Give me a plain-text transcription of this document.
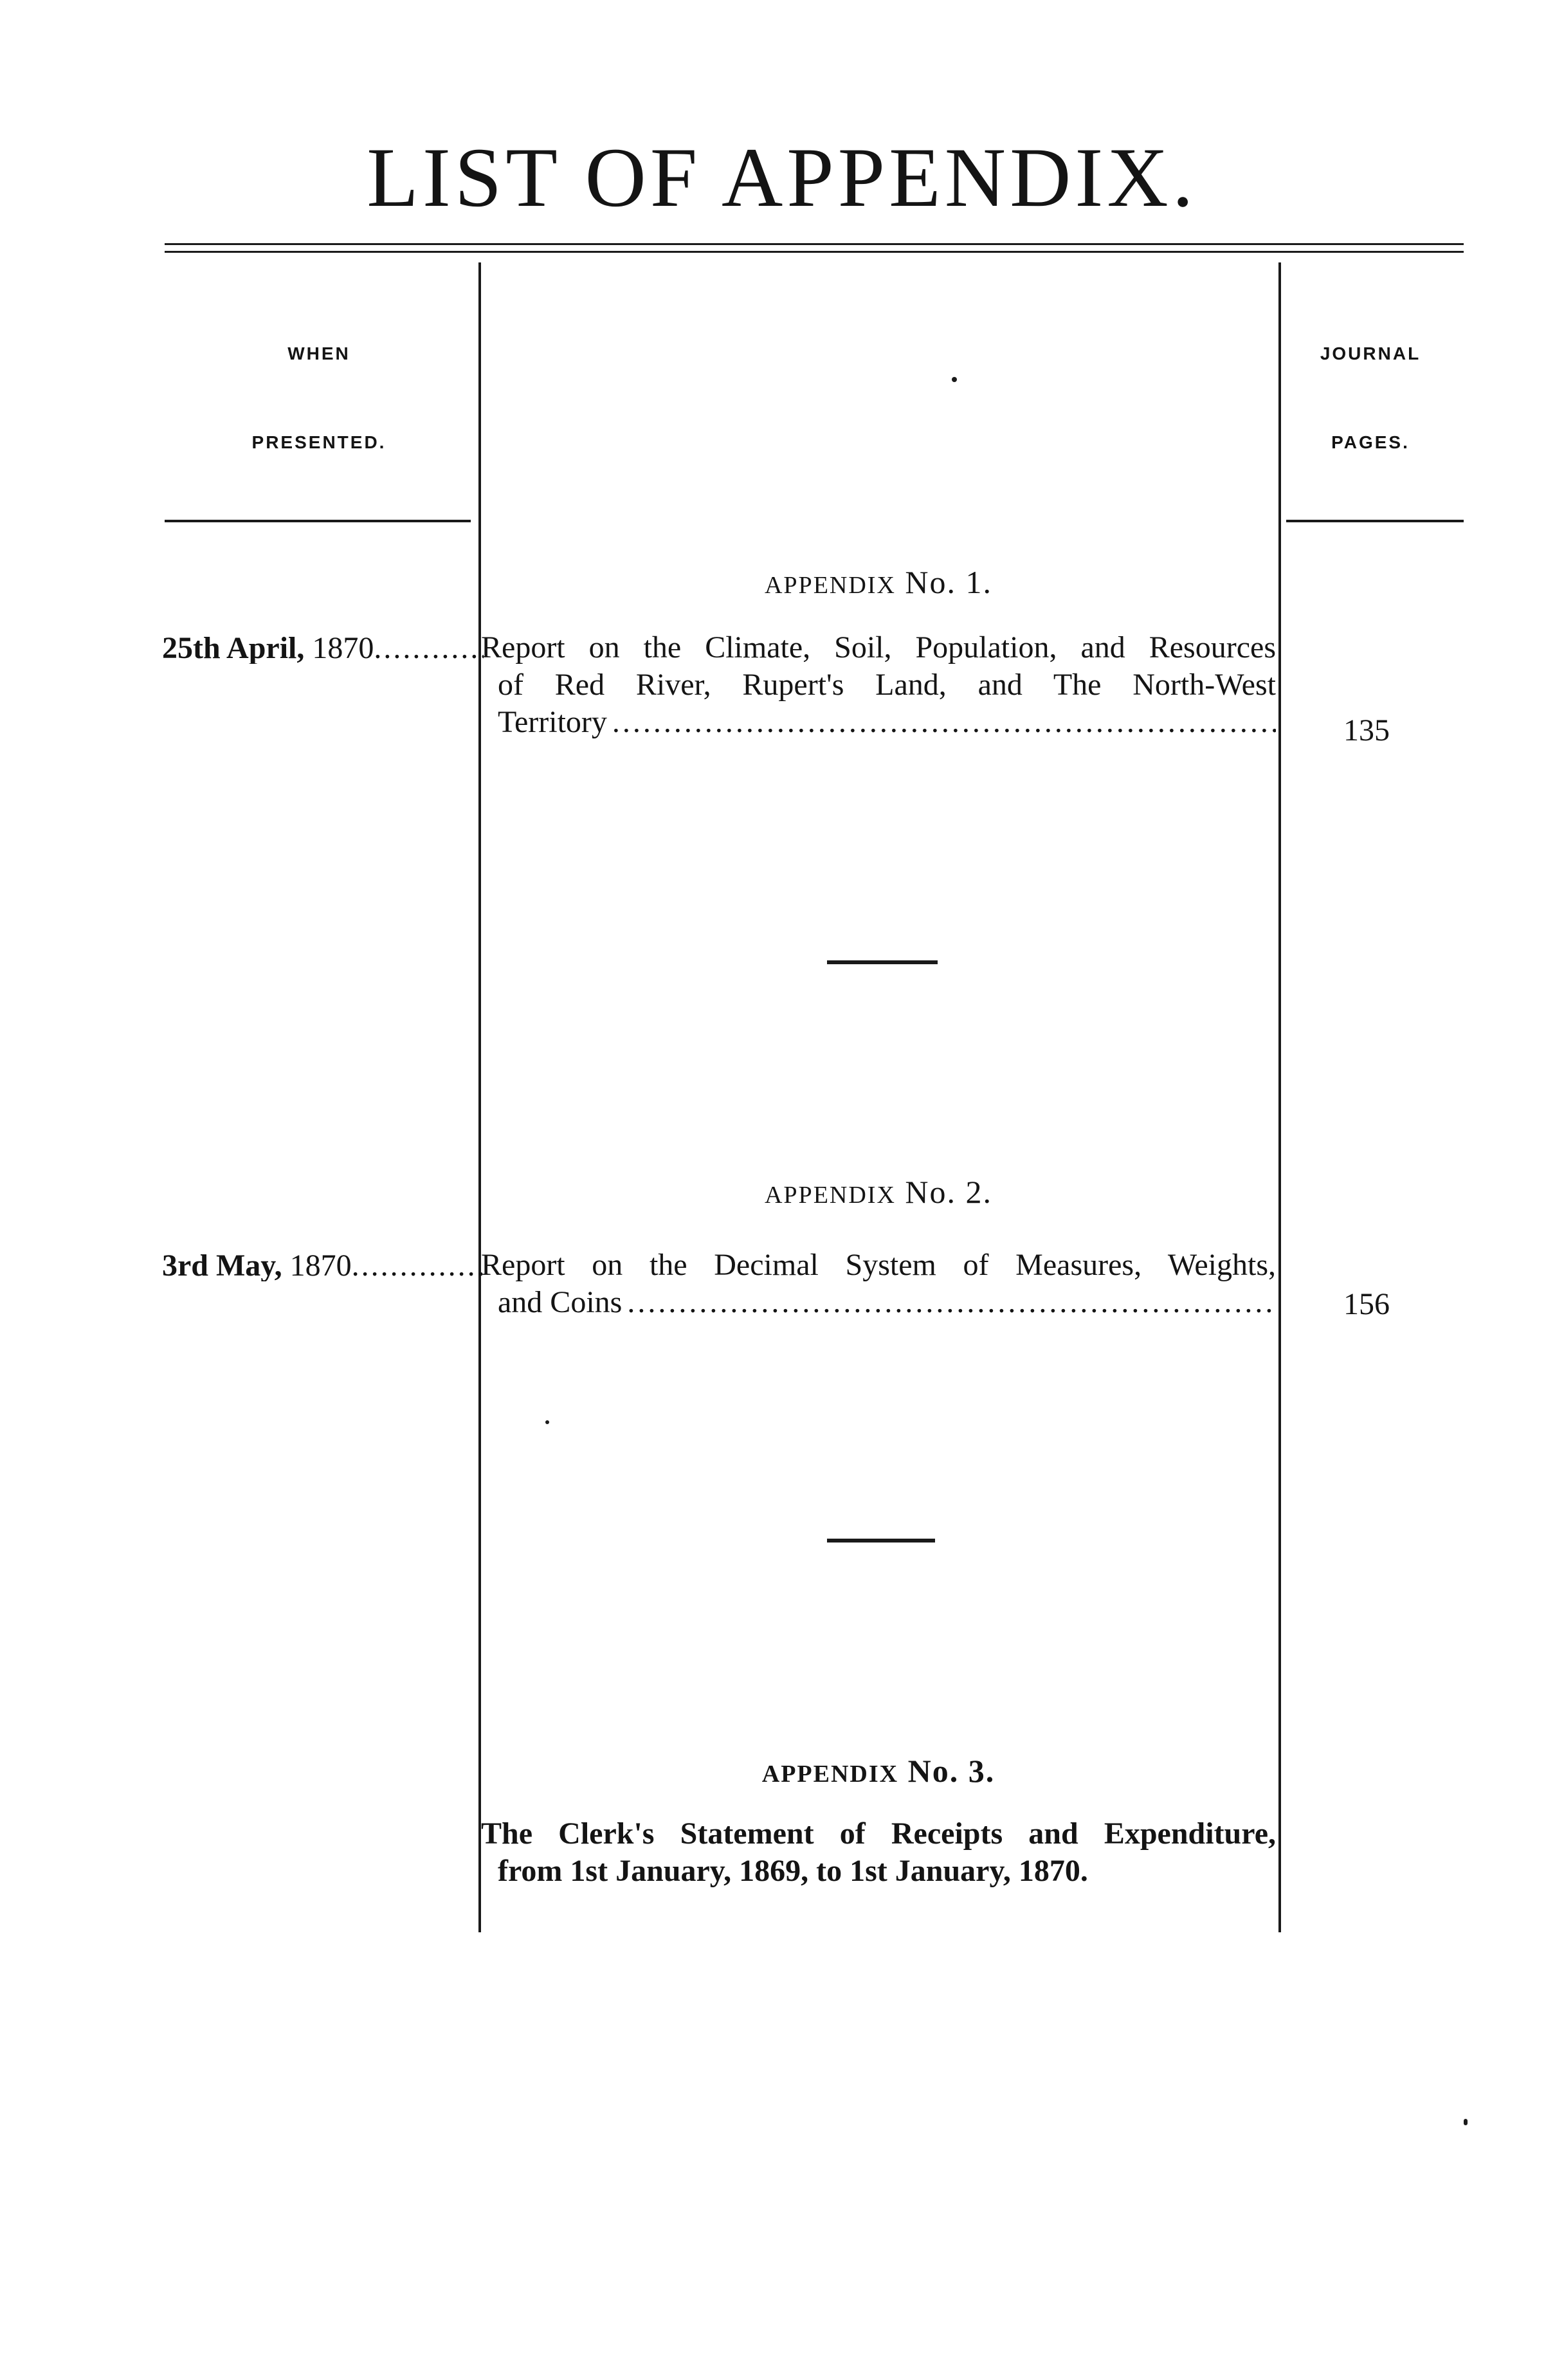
LIST OF APPENDIX.
WHEN
PRESENTED.
JOURNAL
PAGES.
APPENDIX No. 1.
25th April, 1870 .....	Report on the Climate, Soil, Population, and Resources
of Red River, Rupert's Land, and The North-West
Territory .....	135
APPENDIX No. 2.
3rd May, 1870 .....	Report on the Decimal System of Measures, Weights,
and Coins .....	156
APPENDIX No. 3.
The Clerk's Statement of Receipts and Expenditure,
from 1st January, 1869, to 1st January, 1870.
